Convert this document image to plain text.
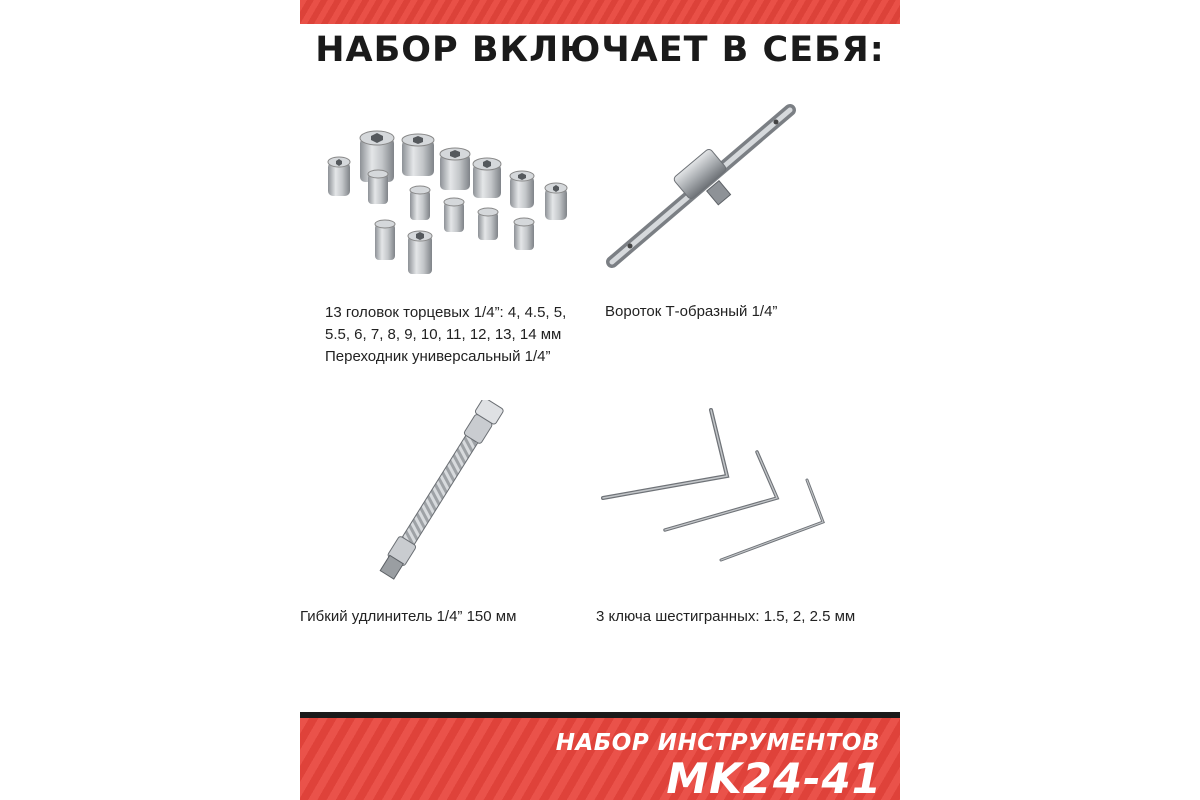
НАБОР ВКЛЮЧАЕТ В СЕБЯ:
13 головок торцевых 1/4”: 4, 4.5, 5,
5.5, 6, 7, 8, 9, 10, 11, 12, 13, 14 мм
Переходник универсальный 1/4”
Вороток Т-образный 1/4”
Гибкий удлинитель 1/4” 150 мм	3 ключа шестигранных: 1.5, 2, 2.5 мм
НАБОР ИНСТРУМЕНТОВ
MK24-41
